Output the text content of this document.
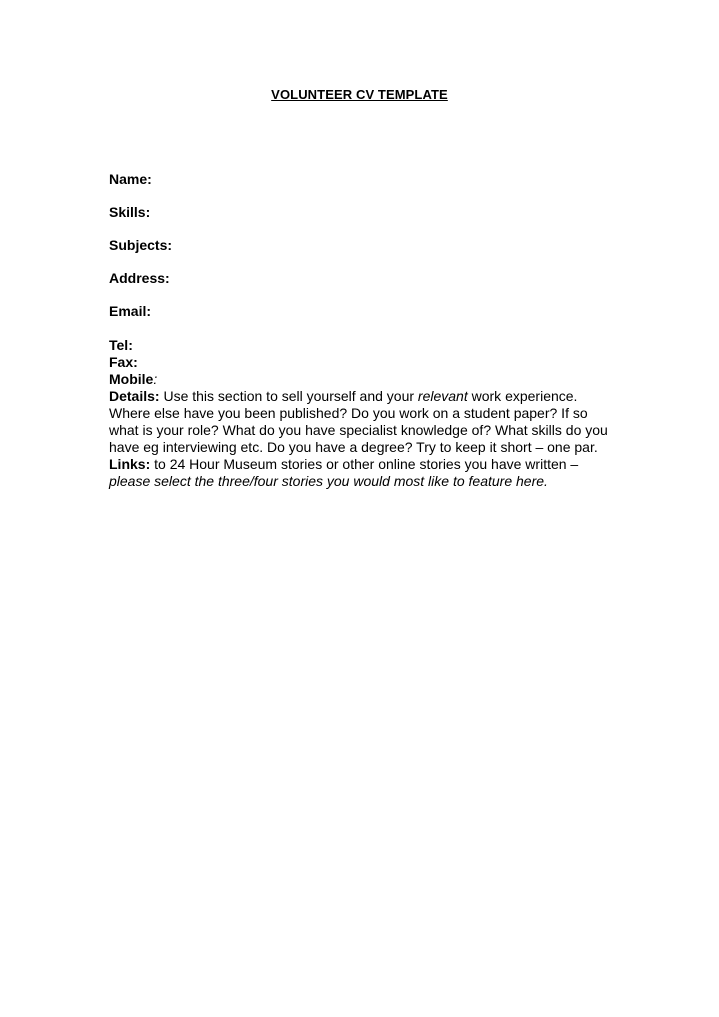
VOLUNTEER CV TEMPLATE

Name:

Skills:

Subjects:

Address:

Email:

Tel:

Fax:

Mobile:

Details: Use this section to sell yourself and your relevant work experience. Where else have you been published? Do you work on a student paper? If so what is your role? What do you have specialist knowledge of? What skills do you have eg interviewing etc. Do you have a degree? Try to keep it short – one par.

Links: to 24 Hour Museum stories or other online stories you have written – please select the three/four stories you would most like to feature here.
